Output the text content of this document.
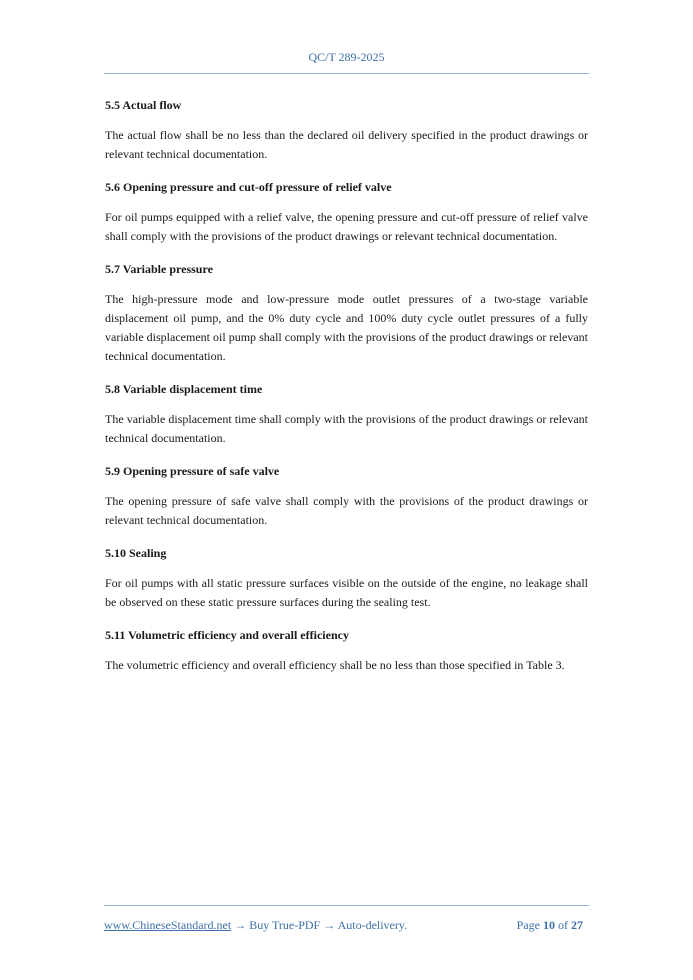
QC/T 289-2025
5.5 Actual flow

The actual flow shall be no less than the declared oil delivery specified in the product drawings or relevant technical documentation.

5.6 Opening pressure and cut-off pressure of relief valve

For oil pumps equipped with a relief valve, the opening pressure and cut-off pressure of relief valve shall comply with the provisions of the product drawings or relevant technical documentation.

5.7 Variable pressure

The high-pressure mode and low-pressure mode outlet pressures of a two-stage variable displacement oil pump, and the 0% duty cycle and 100% duty cycle outlet pressures of a fully variable displacement oil pump shall comply with the provisions of the product drawings or relevant technical documentation.

5.8 Variable displacement time

The variable displacement time shall comply with the provisions of the product drawings or relevant technical documentation.

5.9 Opening pressure of safe valve

The opening pressure of safe valve shall comply with the provisions of the product drawings or relevant technical documentation.

5.10 Sealing

For oil pumps with all static pressure surfaces visible on the outside of the engine, no leakage shall be observed on these static pressure surfaces during the sealing test.

5.11 Volumetric efficiency and overall efficiency

The volumetric efficiency and overall efficiency shall be no less than those specified in Table 3.

www.ChineseStandard.net → Buy True-PDF → Auto-delivery.	Page 10 of 27
